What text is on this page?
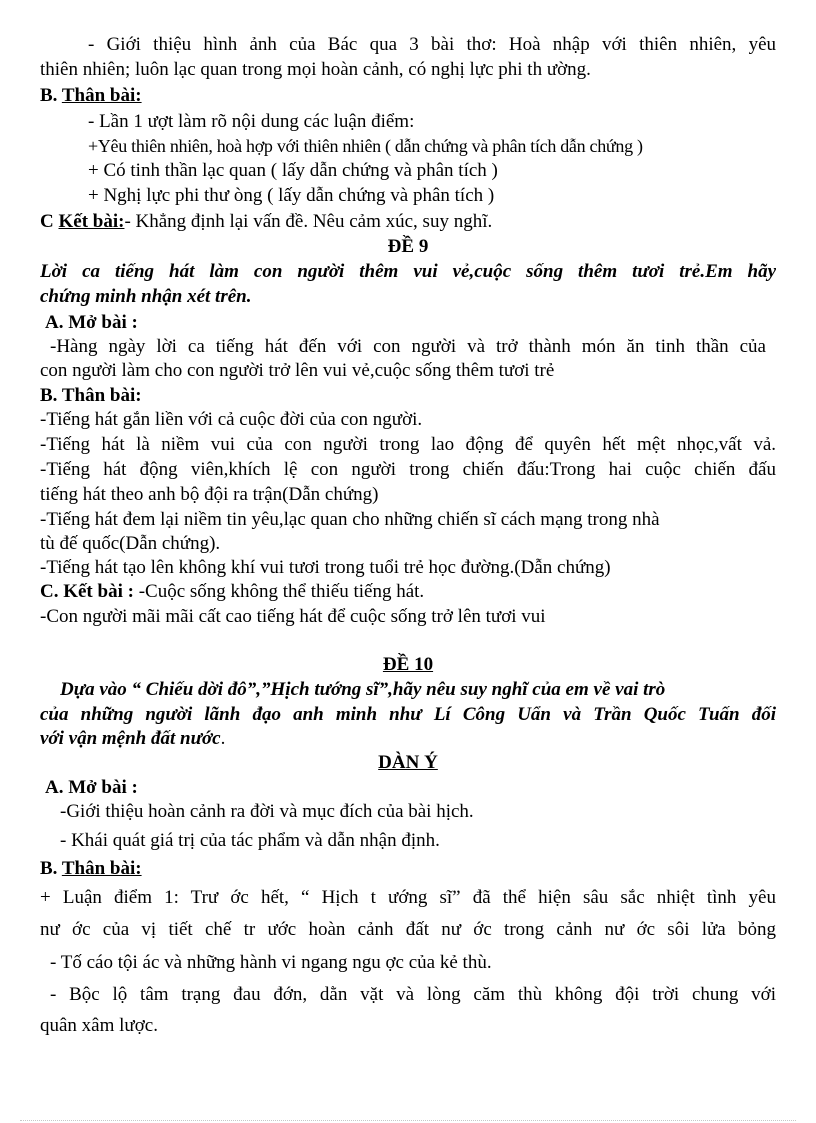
- Giới thiệu hình ảnh của Bác qua 3 bài thơ: Hoà nhập với thiên nhiên, yêu
thiên nhiên; luôn lạc quan trong mọi hoàn cảnh, có nghị lực phi th ường.
B. Thân bài:
- Lần 1 ượt làm rõ nội dung các luận điểm:
+Yêu thiên nhiên, hoà hợp với thiên nhiên ( dẫn chứng và phân tích dẫn chứng )
+ Có tinh thần lạc quan ( lấy dẫn chứng và phân tích )
+ Nghị lực phi thư òng ( lấy dẫn chứng và phân tích )
C Kết bài:- Khẳng định lại vấn đề. Nêu cảm xúc, suy nghĩ.
ĐỀ 9
Lời ca tiếng hát làm con người thêm vui vẻ,cuộc sống thêm tươi trẻ.Em hãy
chứng minh nhận xét trên.
A. Mở bài :
-Hàng ngày lời ca tiếng hát đến với con người và trở thành món ăn tinh thần của
con người làm cho con người trở lên vui vẻ,cuộc sống thêm tươi trẻ
B. Thân bài:
-Tiếng hát gắn liền với cả cuộc đời của con người.
-Tiếng hát là niềm vui của con người trong lao động để quyên hết mệt nhọc,vất vả.
-Tiếng hát động viên,khích lệ con người trong chiến đấu:Trong hai cuộc chiến đấu
tiếng hát theo anh bộ đội ra trận(Dẫn chứng)
-Tiếng hát đem lại niềm tin yêu,lạc quan cho những chiến sĩ cách mạng trong nhà
tù đế quốc(Dẫn chứng).
-Tiếng hát tạo lên không khí vui tươi trong tuổi trẻ học đường.(Dẫn chứng)
C. Kết bài : -Cuộc sống không thể thiếu tiếng hát.
-Con người mãi mãi cất cao tiếng hát để cuộc sống trở lên tươi vui
ĐỀ 10
Dựa vào “ Chiếu dời đô”,”Hịch tướng sĩ”,hãy nêu suy nghĩ của em về vai trò
của những người lãnh đạo anh minh như Lí Công Uẩn và Trần Quốc Tuấn đối
với vận mệnh đất nước.
DÀN Ý
A. Mở bài :
-Giới thiệu hoàn cảnh ra đời và mục đích của bài hịch.
- Khái quát giá trị của tác phẩm và dẫn nhận định.
B. Thân bài:
+ Luận điểm 1: Trư ớc hết, “ Hịch t ướng sĩ” đã thể hiện sâu sắc nhiệt tình yêu
nư ớc của vị tiết chế tr ước hoàn cảnh đất nư ớc trong cảnh nư ớc sôi lửa bỏng
- Tố cáo tội ác và những hành vi ngang ngu ợc của kẻ thù.
- Bộc lộ tâm trạng đau đớn, dằn vặt và lòng căm thù không đội trời chung với
quân xâm lược.
